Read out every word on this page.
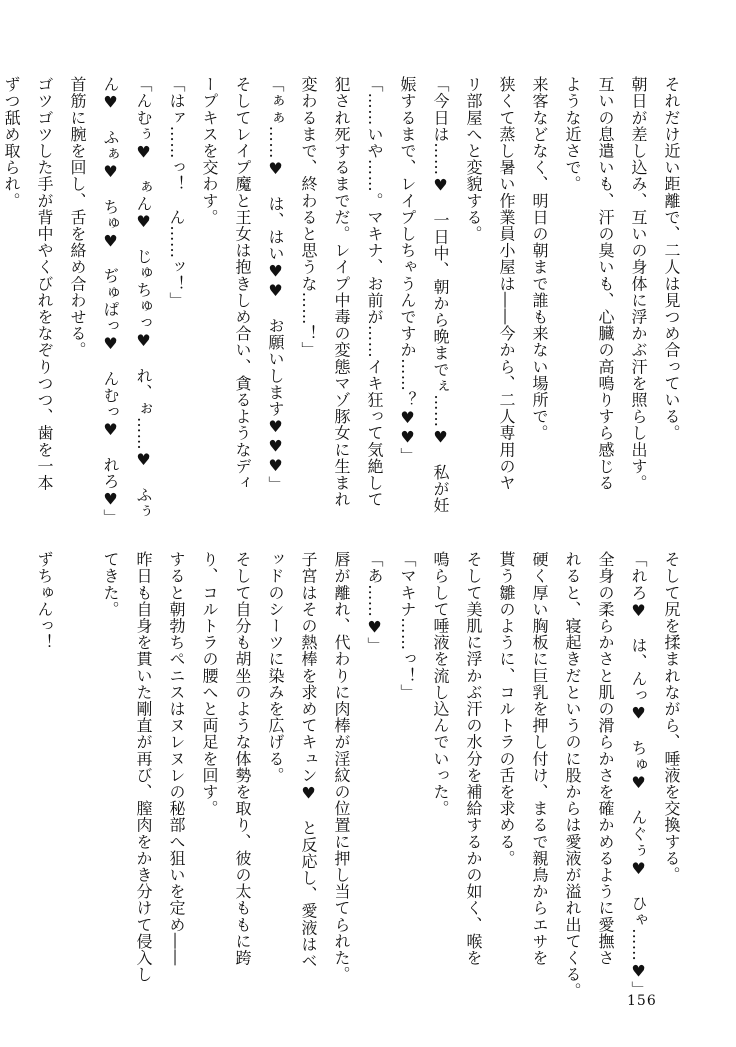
それだけ近い距離で、二人は見つめ合っている。
朝日が差し込み、互いの身体に浮かぶ汗を照らし出す。
互いの息遣いも、汗の臭いも、心臓の高鳴りすら感じる
ような近さで。
来客などなく、明日の朝まで誰も来ない場所で。
狭くて蒸し暑い作業員小屋は――今から、二人専用のヤ
リ部屋へと変貌する。
「今日は……♥　一日中、朝から晩までぇ……♥　私が妊
娠するまで、レイプしちゃうんですか……？♥♥」
「……いや……。マキナ、お前が……イキ狂って気絶して
犯され死するまでだ。レイプ中毒の変態マゾ豚女に生まれ
変わるまで、終わると思うな……！」
「ぁぁ……♥　は、はい♥♥　お願いします♥♥♥」
そしてレイプ魔と王女は抱きしめ合い、貪るようなディ
ープキスを交わす。
「はァ……っ！　ん……ッ！」
「んむぅ♥　ぁん♥　じゅちゅっ♥　れ、ぉ……♥　ふぅ
ん♥　ふぁ♥　ちゅ♥　ぢゅぱっ♥　んむっ♥　れろ♥」
首筋に腕を回し、舌を絡め合わせる。
ゴツゴツした手が背中やくびれをなぞりつつ、歯を一本
ずつ舐め取られ。
そして尻を揉まれながら、唾液を交換する。
「れろ♥　は、んっ♥　ちゅ♥　んぐぅ♥　ひゃ……♥」
全身の柔らかさと肌の滑らかさを確かめるように愛撫さ
れると、寝起きだというのに股からは愛液が溢れ出てくる。
硬く厚い胸板に巨乳を押し付け、まるで親鳥からエサを
貰う雛のように、コルトラの舌を求める。
そして美肌に浮かぶ汗の水分を補給するかの如く、喉を
鳴らして唾液を流し込んでいった。
「マキナ……っ！」
「あ……♥」
唇が離れ、代わりに肉棒が淫紋の位置に押し当てられた。
子宮はその熱棒を求めてキュン♥　と反応し、愛液はベ
ッドのシーツに染みを広げる。
そして自分も胡坐のような体勢を取り、彼の太ももに跨
り、コルトラの腰へと両足を回す。
すると朝勃ちペニスはヌレヌレの秘部へ狙いを定め――
昨日も自身を貫いた剛直が再び、膣肉をかき分けて侵入し
てきた。

ずちゅんっ！
156
